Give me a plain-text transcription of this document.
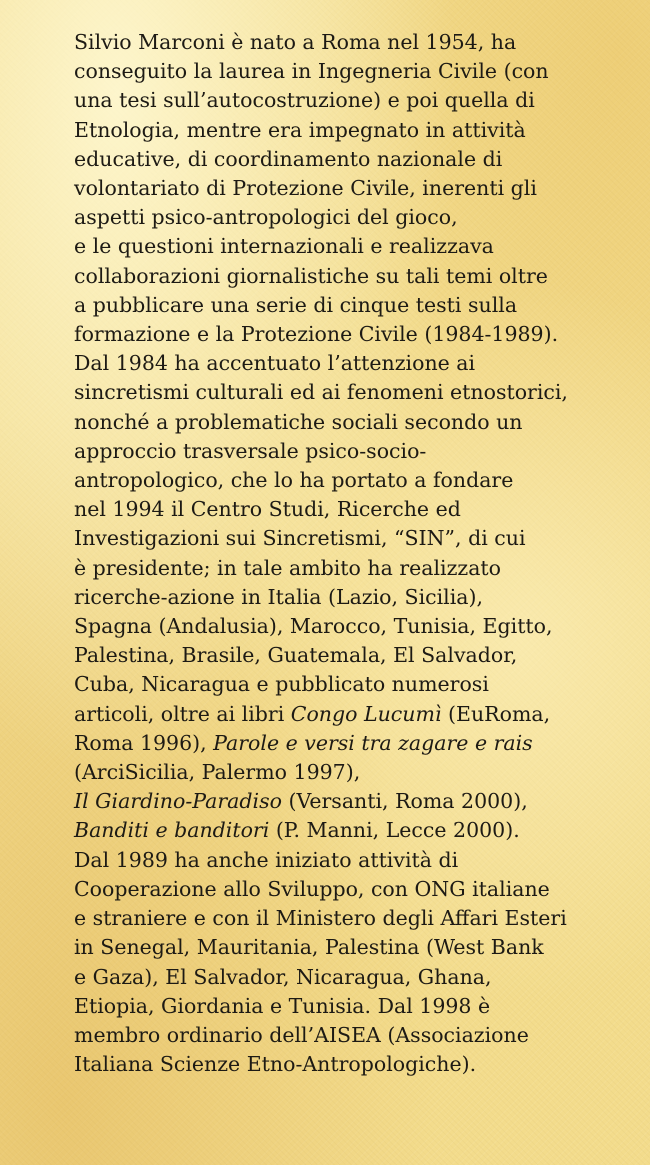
Silvio Marconi è nato a Roma nel 1954, ha
conseguito la laurea in Ingegneria Civile (con
una tesi sull’autocostruzione) e poi quella di
Etnologia, mentre era impegnato in attività
educative, di coordinamento nazionale di
volontariato di Protezione Civile, inerenti gli
aspetti psico-antropologici del gioco,
e le questioni internazionali e realizzava
collaborazioni giornalistiche su tali temi oltre
a pubblicare una serie di cinque testi sulla
formazione e la Protezione Civile (1984-1989).
Dal 1984 ha accentuato l’attenzione ai
sincretismi culturali ed ai fenomeni etnostorici,
nonché a problematiche sociali secondo un
approccio trasversale psico-socio-
antropologico, che lo ha portato a fondare
nel 1994 il Centro Studi, Ricerche ed
Investigazioni sui Sincretismi, “SIN”, di cui
è presidente; in tale ambito ha realizzato
ricerche-azione in Italia (Lazio, Sicilia),
Spagna (Andalusia), Marocco, Tunisia, Egitto,
Palestina, Brasile, Guatemala, El Salvador,
Cuba, Nicaragua e pubblicato numerosi
articoli, oltre ai libri Congo Lucumì (EuRoma,
Roma 1996), Parole e versi tra zagare e rais
(ArciSicilia, Palermo 1997),
Il Giardino-Paradiso (Versanti, Roma 2000),
Banditi e banditori (P. Manni, Lecce 2000).
Dal 1989 ha anche iniziato attività di
Cooperazione allo Sviluppo, con ONG italiane
e straniere e con il Ministero degli Affari Esteri
in Senegal, Mauritania, Palestina (West Bank
e Gaza), El Salvador, Nicaragua, Ghana,
Etiopia, Giordania e Tunisia. Dal 1998 è
membro ordinario dell’AISEA (Associazione
Italiana Scienze Etno-Antropologiche).
